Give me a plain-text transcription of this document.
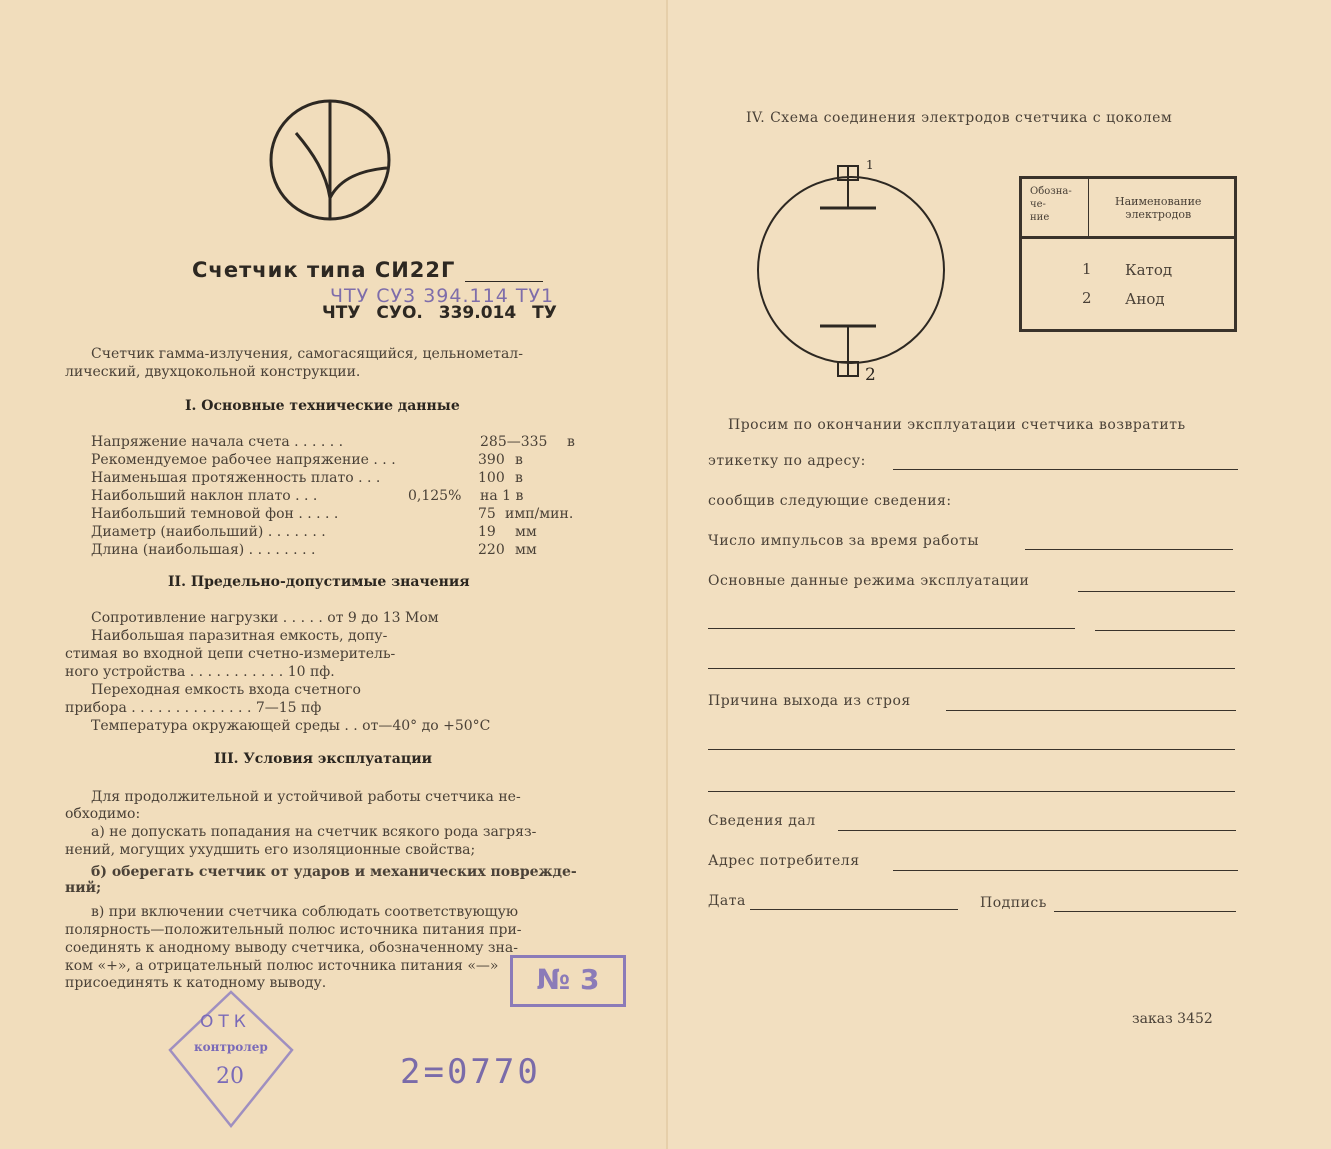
Счетчик типа СИ22Г
ЧТУ СУ3 394.114 ТУ1
ЧТУ СУО. 339.014 ТУ
Счетчик гамма-излучения, самогасящийся, цельнометал-
лический, двухцокольной конструкции.
I. Основные технические данные
Напряжение начала счета . . . . . .	285—335 в
Рекомендуемое рабочее напряжение . . .	390 в
Наименьшая протяженность плато . . .	100 в
Наибольший наклон плато . . .	0,125% на 1 в
Наибольший темновой фон . . . . .	75 имп/мин.
Диаметр (наибольший) . . . . . . .	19 мм
Длина (наибольшая) . . . . . . . .	220 мм
II. Предельно-допустимые значения
Сопротивление нагрузки . . . . . от 9 до 13 Мом
Наибольшая паразитная емкость, допу-
стимая во входной цепи счетно-измеритель-
ного устройства . . . . . . . . . . . 10 пф.
Переходная емкость входа счетного
прибора . . . . . . . . . . . . . . 7—15 пф
Температура окружающей среды . . от—40° до +50°С
III. Условия эксплуатации
Для продолжительной и устойчивой работы счетчика не-
обходимо:
а) не допускать попадания на счетчик всякого рода загряз-
нений, могущих ухудшить его изоляционные свойства;
б) оберегать счетчик от ударов и механических поврежде-
ний;
в) при включении счетчика соблюдать соответствующую
полярность—положительный полюс источника питания при-
соединять к анодному выводу счетчика, обозначенному зна-
ком «+», а отрицательный полюс источника питания «—»
присоединять к катодному выводу.
ОТК
контролер
20	2=0770
№ 3
IV. Схема соединения электродов счетчика с цоколем
1
2
Обозна-
че-
ние
Наименование
электродов
1 Катод
2 Анод
Просим по окончании эксплуатации счетчика возвратить
этикетку по адресу:
сообщив следующие сведения:
Число импульсов за время работы
Основные данные режима эксплуатации
Причина выхода из строя
Сведения дал
Адрес потребителя
Дата	Подпись
заказ 3452
